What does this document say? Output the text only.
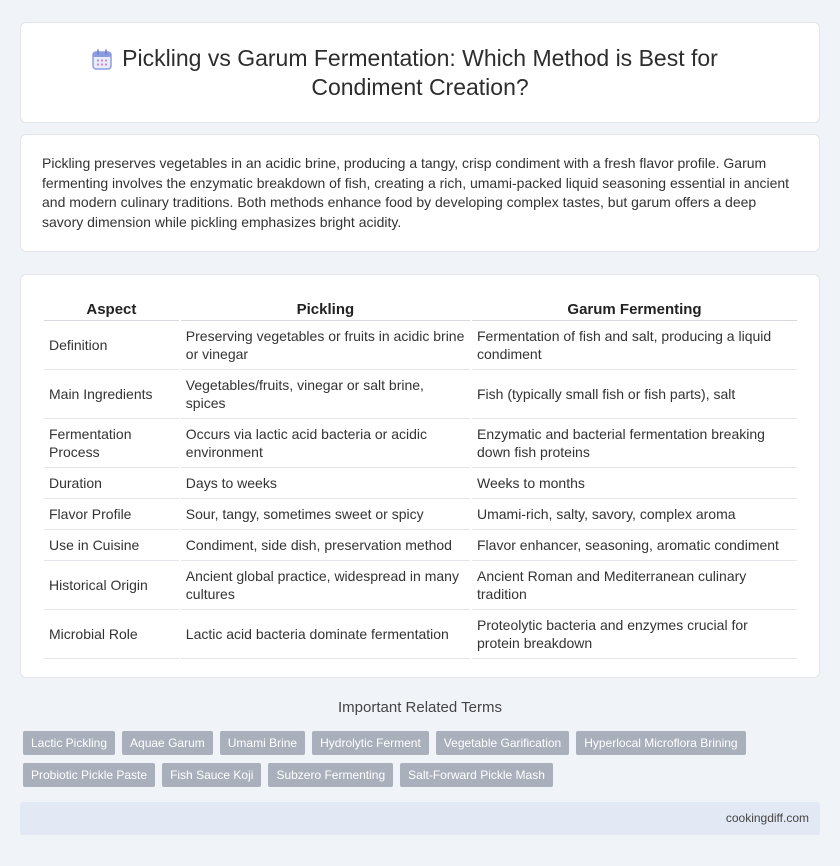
Pickling vs Garum Fermentation: Which Method is Best for Condiment Creation?

Pickling preserves vegetables in an acidic brine, producing a tangy, crisp condiment with a fresh flavor profile. Garum fermenting involves the enzymatic breakdown of fish, creating a rich, umami-packed liquid seasoning essential in ancient and modern culinary traditions. Both methods enhance food by developing complex tastes, but garum offers a deep savory dimension while pickling emphasizes bright acidity.

Aspect	Pickling	Garum Fermenting
Definition	Preserving vegetables or fruits in acidic brine or vinegar	Fermentation of fish and salt, producing a liquid condiment
Main Ingredients	Vegetables/fruits, vinegar or salt brine, spices	Fish (typically small fish or fish parts), salt
Fermentation Process	Occurs via lactic acid bacteria or acidic environment	Enzymatic and bacterial fermentation breaking down fish proteins
Duration	Days to weeks	Weeks to months
Flavor Profile	Sour, tangy, sometimes sweet or spicy	Umami-rich, salty, savory, complex aroma
Use in Cuisine	Condiment, side dish, preservation method	Flavor enhancer, seasoning, aromatic condiment
Historical Origin	Ancient global practice, widespread in many cultures	Ancient Roman and Mediterranean culinary tradition
Microbial Role	Lactic acid bacteria dominate fermentation	Proteolytic bacteria and enzymes crucial for protein breakdown
Important Related Terms
Lactic Pickling	Aquae Garum	Umami Brine	Hydrolytic Ferment	Vegetable Garification	Hyperlocal Microflora Brining
Probiotic Pickle Paste	Fish Sauce Koji	Subzero Fermenting	Salt-Forward Pickle Mash
cookingdiff.com
